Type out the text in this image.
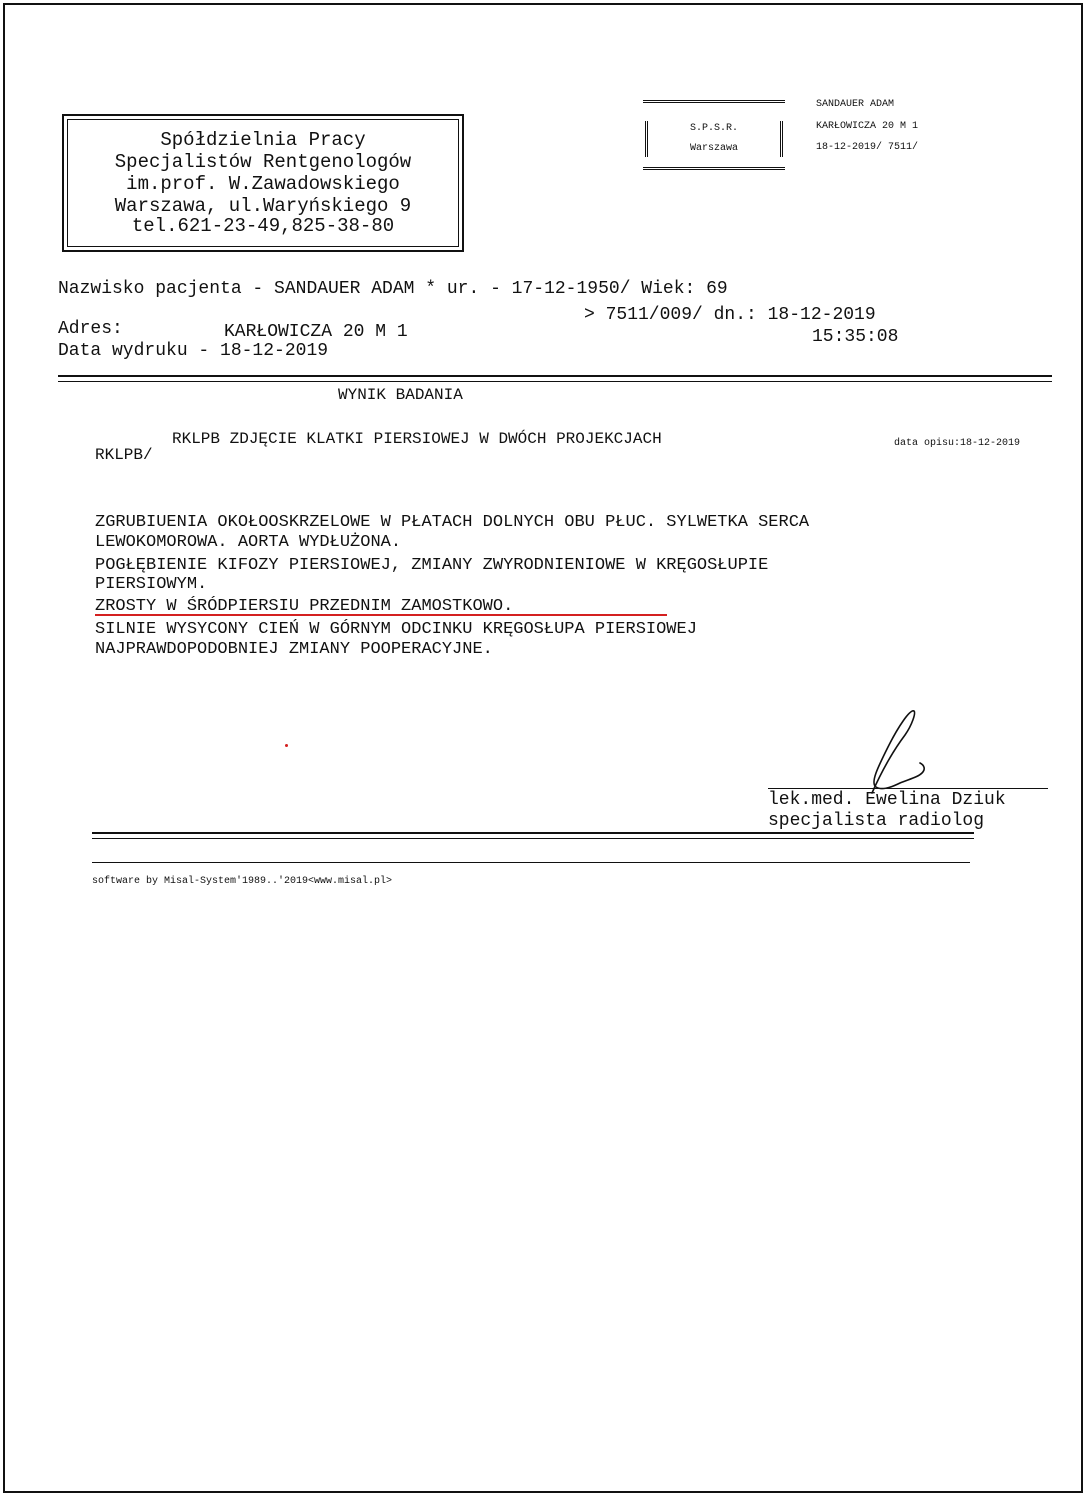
Spółdzielnia Pracy
Specjalistów Rentgenologów
im.prof. W.Zawadowskiego
Warszawa, ul.Waryńskiego 9
tel.621-23-49,825-38-80
S.P.S.R.
Warszawa
SANDAUER ADAM
KARŁOWICZA 20 M 1
18-12-2019/ 7511/
Nazwisko pacjenta - SANDAUER ADAM * ur. - 17-12-1950/ Wiek: 69
> 7511/009/ dn.: 18-12-2019
15:35:08
Adres:	KARŁOWICZA 20 M 1
Data wydruku - 18-12-2019
WYNIK BADANIA
RKLPB ZDJĘCIE KLATKI PIERSIOWEJ W DWÓCH PROJEKCJACH
RKLPB/
data opisu:18-12-2019
ZGRUBIUENIA OKOŁOOSKRZELOWE W PŁATACH DOLNYCH OBU PŁUC. SYLWETKA SERCA
LEWOKOMOROWA. AORTA WYDŁUŻONA.
POGŁĘBIENIE KIFOZY PIERSIOWEJ, ZMIANY ZWYRODNIENIOWE W KRĘGOSŁUPIE
PIERSIOWYM.
ZROSTY W ŚRÓDPIERSIU PRZEDNIM ZAMOSTKOWO.
SILNIE WYSYCONY CIEŃ W GÓRNYM ODCINKU KRĘGOSŁUPA PIERSIOWEJ
NAJPRAWDOPODOBNIEJ ZMIANY POOPERACYJNE.
lek.med. Ewelina Dziuk
specjalista radiolog
software by Misal-System'1989..'2019<www.misal.pl>
